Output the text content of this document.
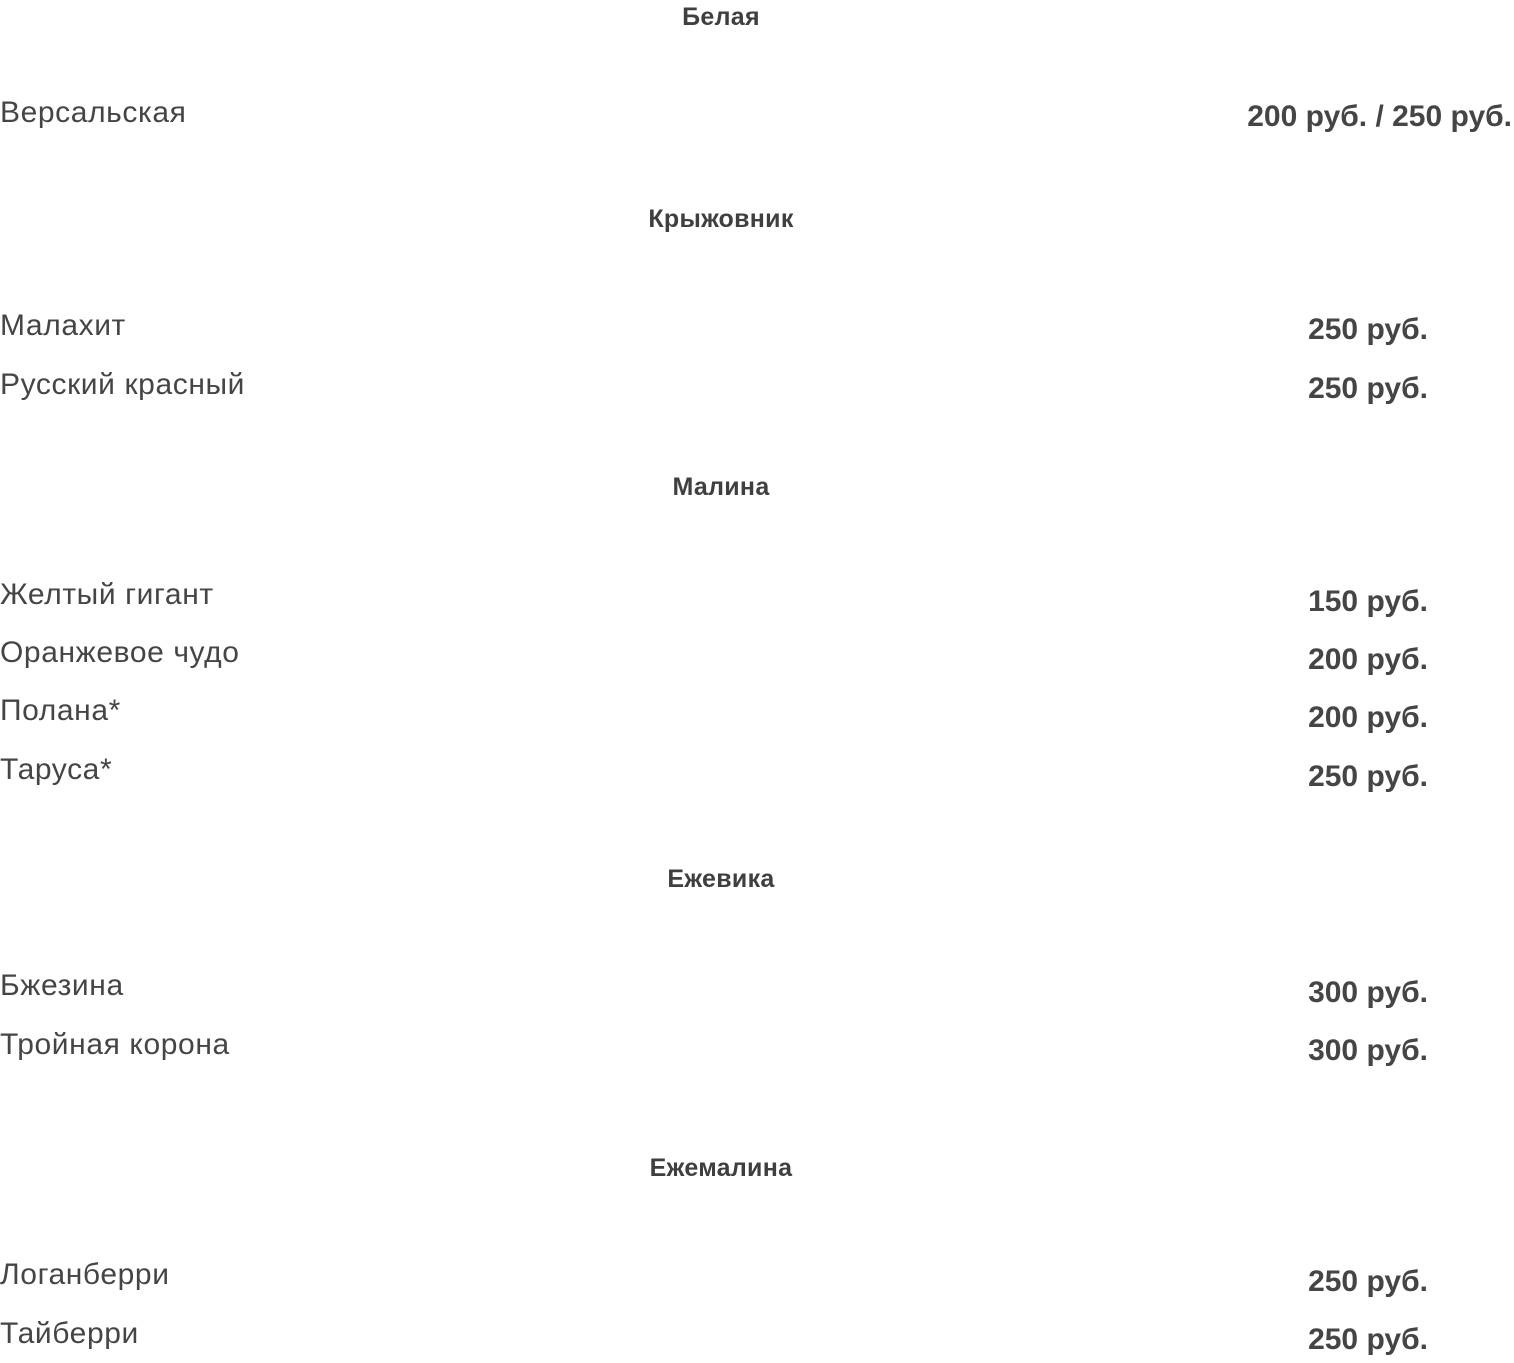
Белая
Версальская	200 руб. / 250 руб.
Крыжовник
Малахит	250 руб.
Русский красный	250 руб.
Малина
Желтый гигант	150 руб.
Оранжевое чудо	200 руб.
Полана*	200 руб.
Таруса*	250 руб.
Ежевика
Бжезина	300 руб.
Тройная корона	300 руб.
Ежемалина
Логанберри	250 руб.
Тайберри	250 руб.
